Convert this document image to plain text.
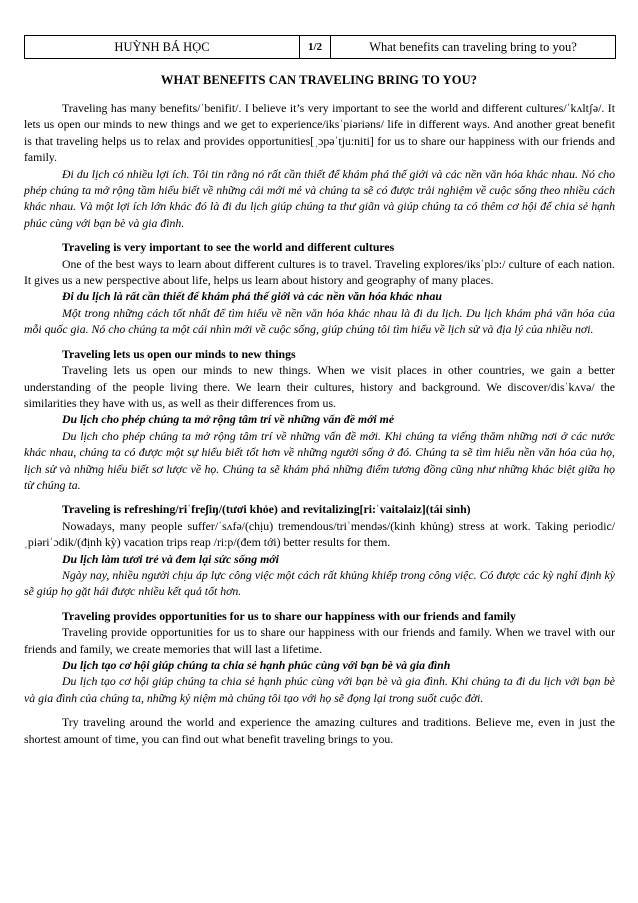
HUỲNH BÁ HỌC	1/2	What benefits can traveling bring to you?
WHAT BENEFITS CAN TRAVELING BRING TO YOU?

Traveling has many benefits/ˈbenifit/. I believe it’s very important to see the world and different cultures/ˈkʌltʃə/. It lets us open our minds to new things and we get to experience/iksˈpiəriəns/ life in different ways. And another great benefit is that traveling helps us to relax and provides opportunities[ˌɔpəˈtju:niti] for us to share our happiness with our friends and family.

Đi du lịch có nhiều lợi ích. Tôi tin rằng nó rất cần thiết để khám phá thế giới và các nền văn hóa khác nhau. Nó cho phép chúng ta mở rộng tầm hiểu biết về những cái mới mẻ và chúng ta sẽ có được trải nghiệm về cuộc sống theo nhiều cách khác nhau. Và một lợi ích lớn khác đó là đi du lịch giúp chúng ta thư giãn và giúp chúng ta có thêm cơ hội để chia sẻ hạnh phúc cùng với bạn bè và gia đình.

Traveling is very important to see the world and different cultures

One of the best ways to learn about different cultures is to travel. Traveling explores/iksˈplɔ:/ culture of each nation. It gives us a new perspective about life, helps us learn about history and geography of many places.

Đi du lịch là rất cần thiết để khám phá thế giới và các nền văn hóa khác nhau

Một trong những cách tốt nhất để tìm hiểu về nền văn hóa khác nhau là đi du lịch. Du lịch khám phá văn hóa của mỗi quốc gia. Nó cho chúng ta một cái nhìn mới về cuộc sống, giúp chúng tôi tìm hiểu về lịch sử và địa lý của nhiều nơi.

Traveling lets us open our minds to new things

Traveling lets us open our minds to new things. When we visit places in other countries, we gain a better understanding of the people living there. We learn their cultures, history and background. We discover/disˈkʌvə/ the similarities they have with us, as well as their differences from us.

Du lịch cho phép chúng ta mở rộng tâm trí về những vấn đề mới mẻ

Du lịch cho phép chúng ta mở rộng tâm trí về những vấn đề mới. Khi chúng ta viếng thăm những nơi ở các nước khác nhau, chúng ta có được một sự hiểu biết tốt hơn về những người sống ở đó. Chúng ta sẽ tìm hiểu nền văn hóa của họ, lịch sử và những hiểu biết sơ lược về họ. Chúng ta sẽ khám phá những điểm tương đồng cũng như những khác biệt giữa họ từ chúng ta.

Traveling is refreshing/riˈfreʃiŋ/(tươi khỏe) and revitalizing[ri:ˈvaitəlaiz](tái sinh)

Nowadays, many people suffer/ˈsʌfə/(chịu) tremendous/triˈmendəs/(kinh khủng) stress at work. Taking periodic/ˌpiəriˈɔdik/(định kỳ) vacation trips reap /ri:p/(đem tới) better results for them.

Du lịch làm tươi trẻ và đem lại sức sống mới

Ngày nay, nhiều người chịu áp lực công việc một cách rất khủng khiếp trong công việc. Có được các kỳ nghỉ định kỳ sẽ giúp họ gặt hái được nhiều kết quả tốt hơn.

Traveling provides opportunities for us to share our happiness with our friends and family

Traveling provide opportunities for us to share our happiness with our friends and family. When we travel with our friends and family, we create memories that will last a lifetime.

Du lịch tạo cơ hội giúp chúng ta chia sẻ hạnh phúc cùng với bạn bè và gia đình

Du lịch tạo cơ hội giúp chúng ta chia sẻ hạnh phúc cùng với bạn bè và gia đình. Khi chúng ta đi du lịch với bạn bè và gia đình của chúng ta, những kỷ niệm mà chúng tôi tạo với họ sẽ đọng lại trong suốt cuộc đời.

Try traveling around the world and experience the amazing cultures and traditions. Believe me, even in just the shortest amount of time, you can find out what benefit traveling brings to you.
